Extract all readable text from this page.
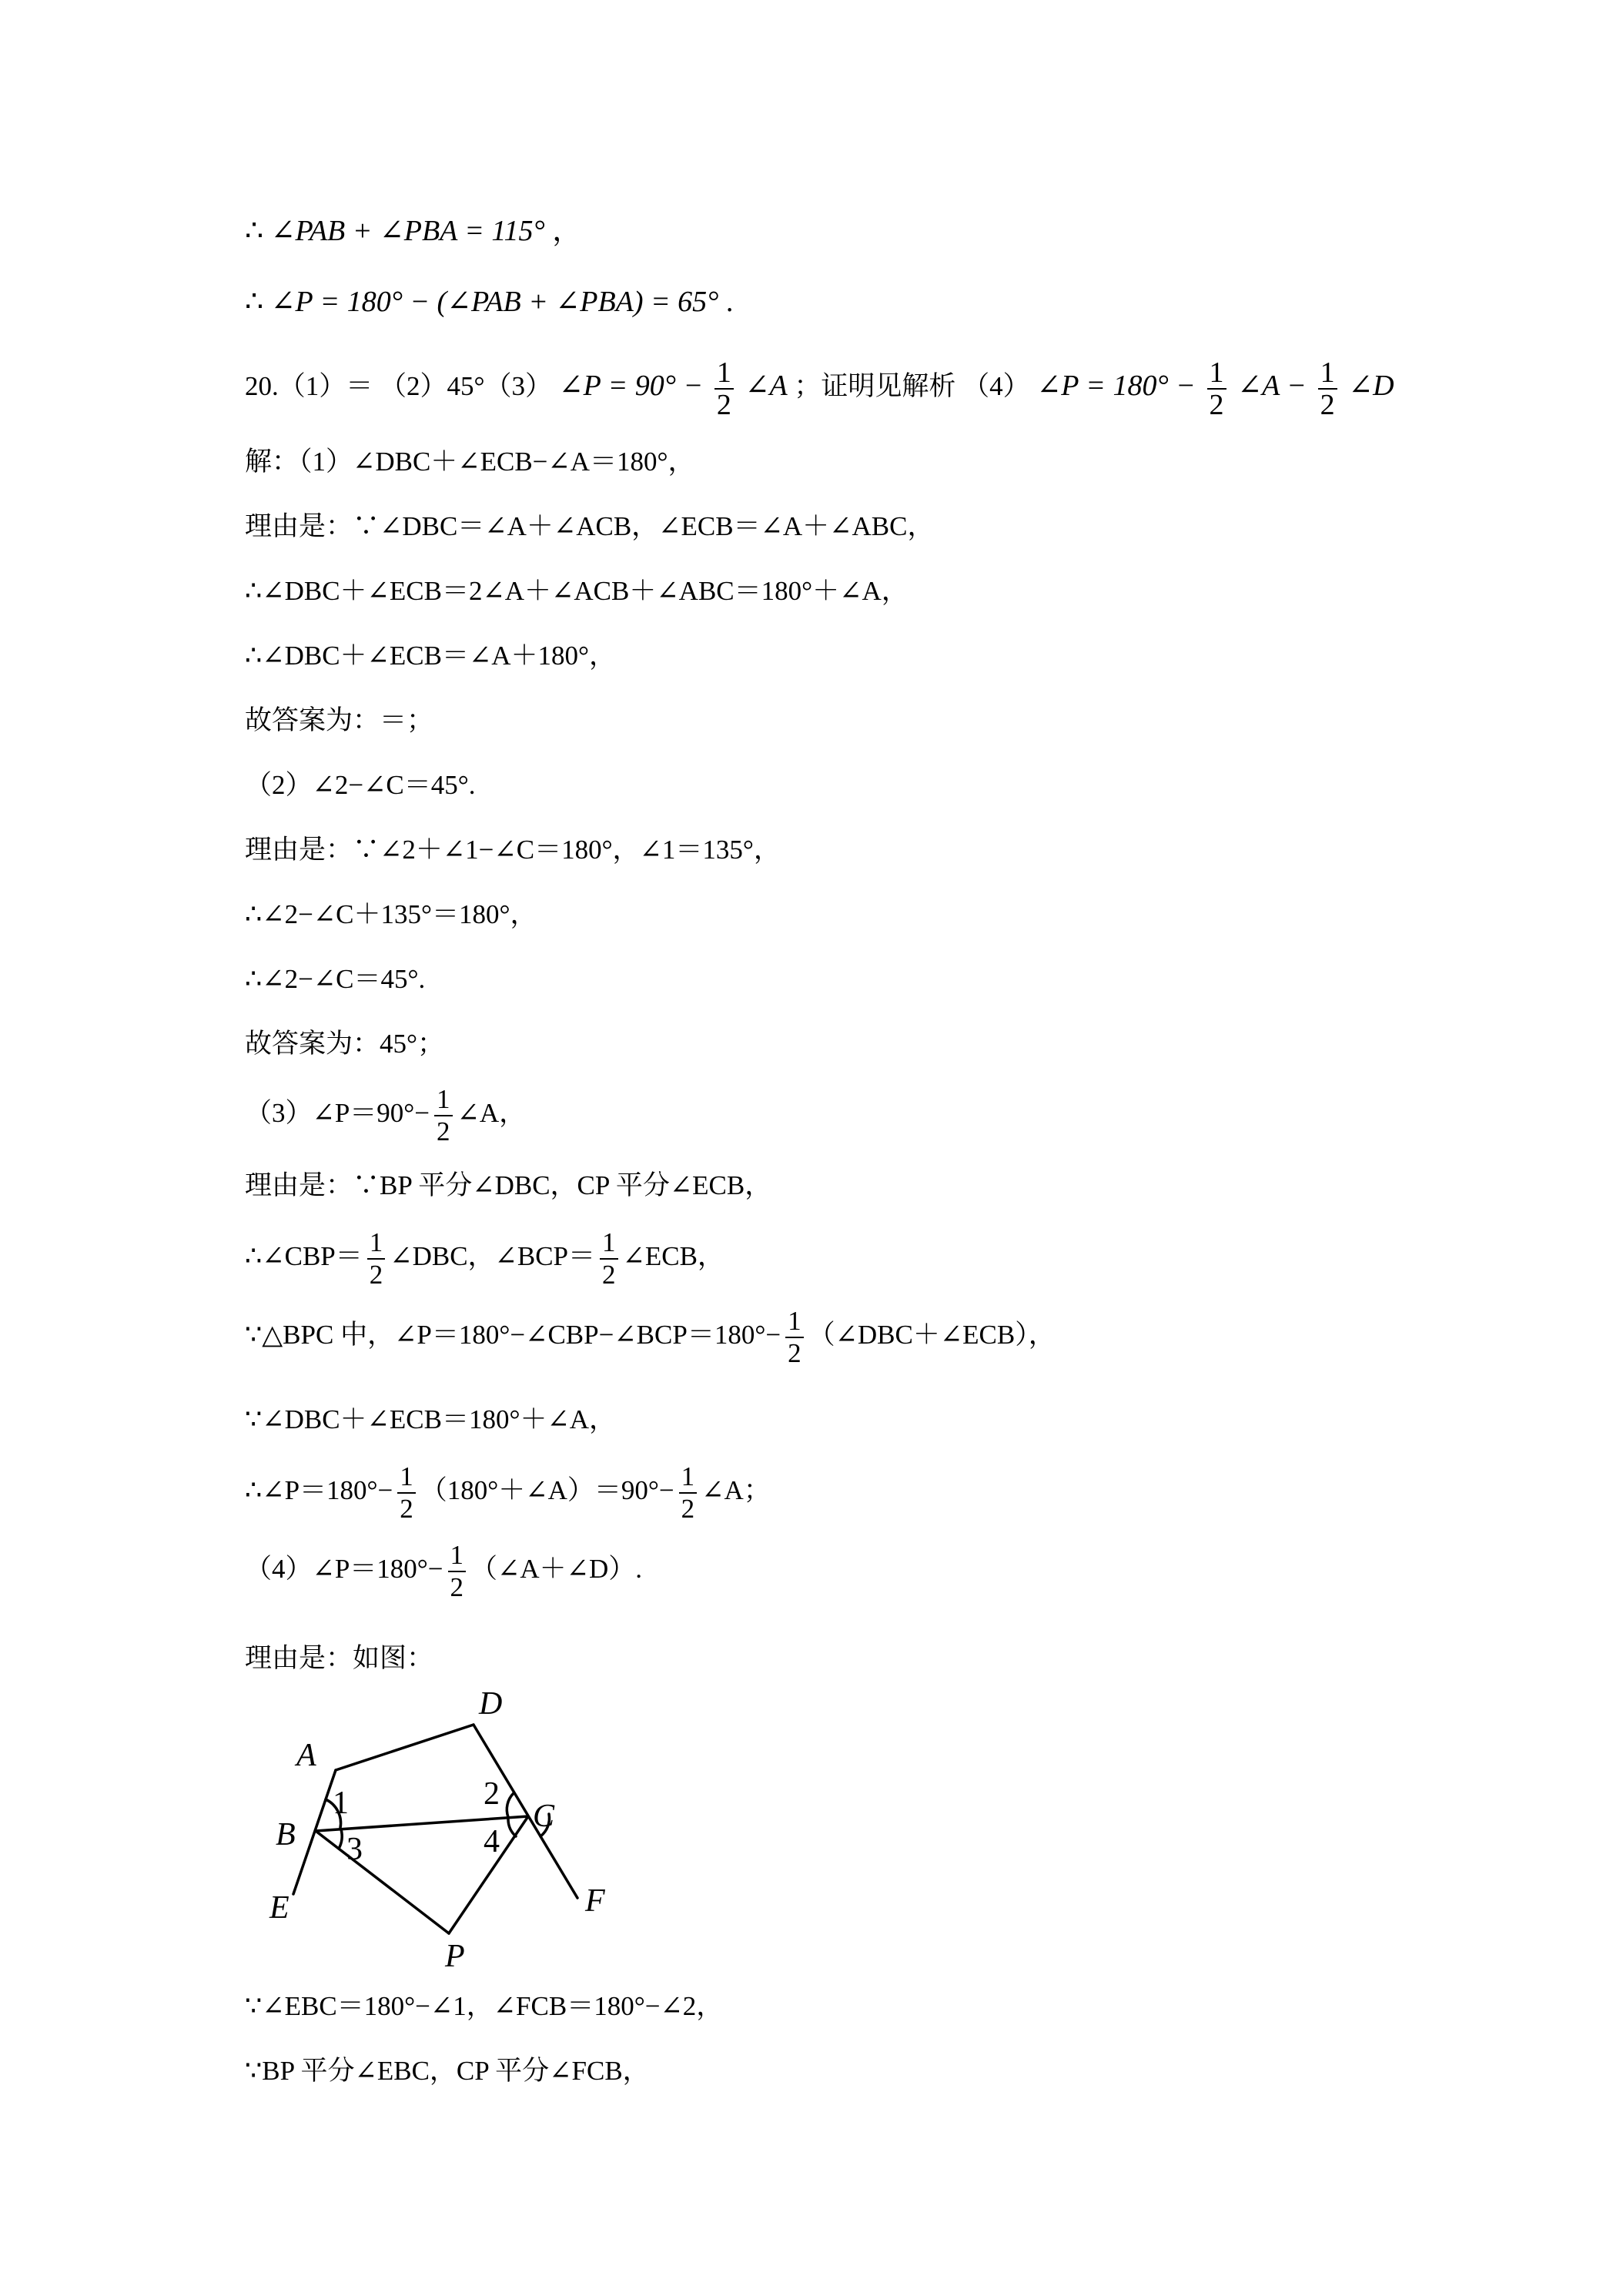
∴ ∠PAB + ∠PBA = 115° ，
∴ ∠P = 180° − (∠PAB + ∠PBA) = 65° .
20.（1）＝ （2）45°（3） ∠P = $90^\circ - \frac{1}{2}$ ∠A ；证明见解析 （4） ∠P = $180^\circ - \frac{1}{2}$ ∠A − $\frac{1}{2}$ ∠D
解：（1）∠DBC＋∠ECB−∠A＝180°，
理由是：∵∠DBC＝∠A＋∠ACB，∠ECB＝∠A＋∠ABC，
∴∠DBC＋∠ECB＝2∠A＋∠ACB＋∠ABC＝180°＋∠A，
∴∠DBC＋∠ECB＝∠A＋180°，
故答案为：＝；
（2）∠2−∠C＝45°.
理由是：∵∠2＋∠1−∠C＝180°，∠1＝135°，
∴∠2−∠C＋135°＝180°，
∴∠2−∠C＝45°.
故答案为：45°；
（3）∠P＝90°− $\frac{1}{2}$ ∠A，
理由是：∵BP 平分∠DBC，CP 平分∠ECB，
∴∠CBP＝ $\frac{1}{2}$ ∠DBC，∠BCP＝ $\frac{1}{2}$ ∠ECB，
∵△BPC 中，∠P＝180°−∠CBP−∠BCP＝180°− $\frac{1}{2}$ （∠DBC＋∠ECB），
∵∠DBC＋∠ECB＝180°＋∠A，
∴∠P＝180°− $\frac{1}{2}$ （180°＋∠A）＝90°− $\frac{1}{2}$ ∠A；
（4）∠P＝180°− $\frac{1}{2}$ （∠A＋∠D）.
理由是：如图：
A
B
C
D
E	F
P
1
3
2
4
∵∠EBC＝180°−∠1，∠FCB＝180°−∠2，
∵BP 平分∠EBC，CP 平分∠FCB，
